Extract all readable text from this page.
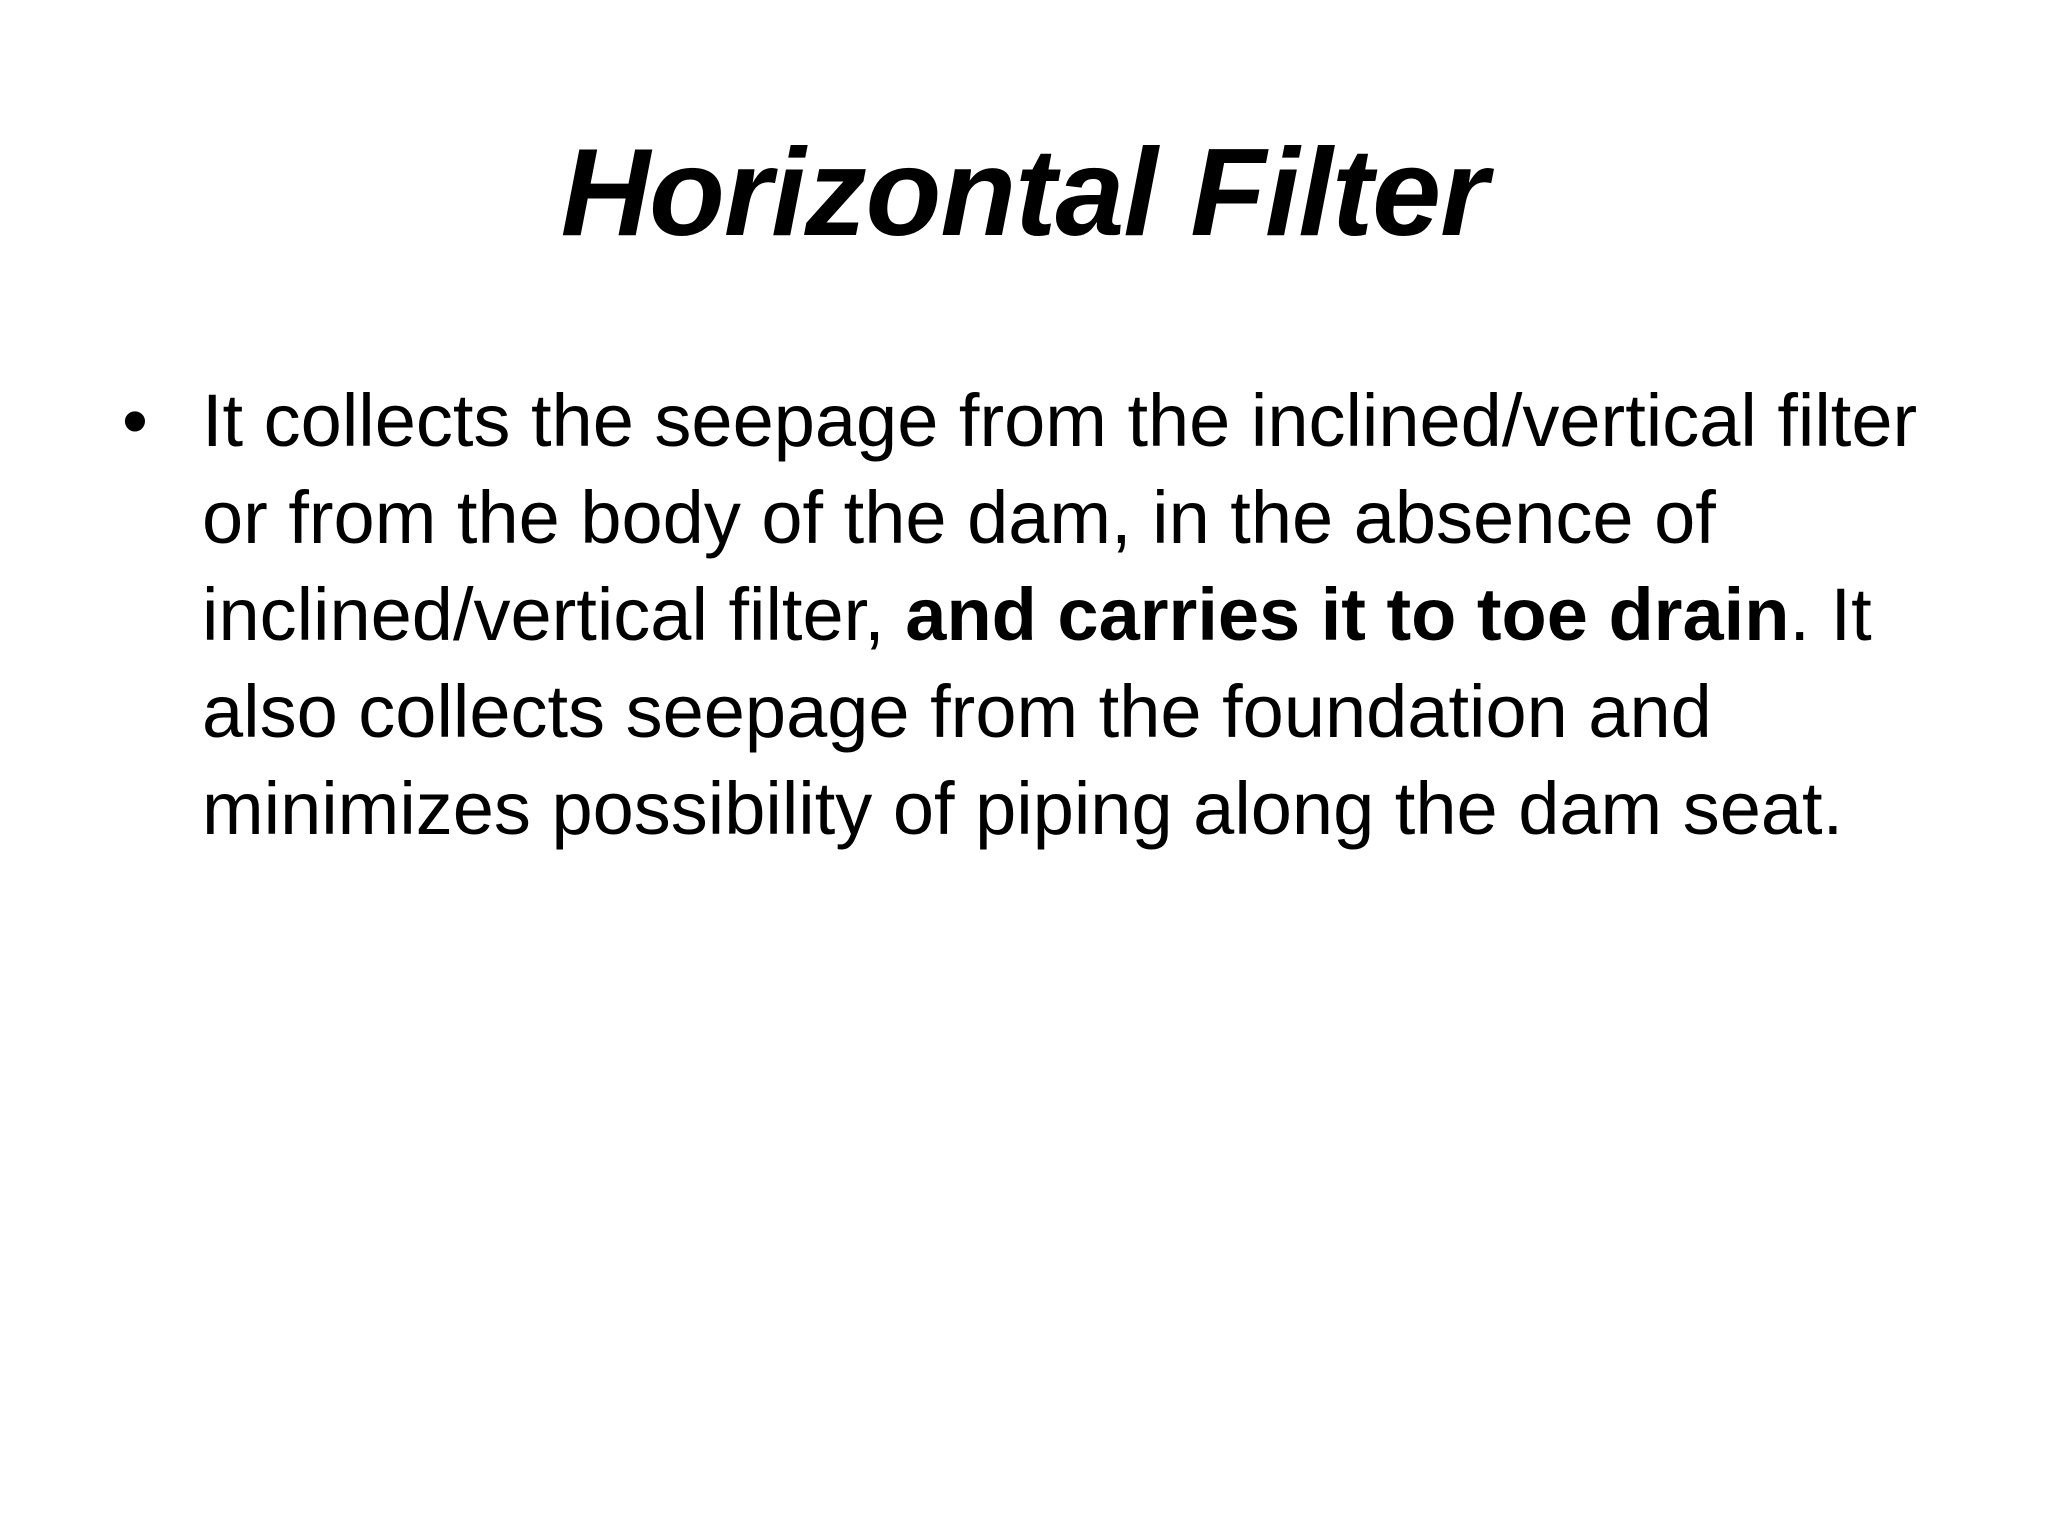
Horizontal Filter
• It collects the seepage from the inclined/vertical filter or from the body of the dam, in the absence of inclined/vertical filter, and carries it to toe drain. It also collects seepage from the foundation and minimizes possibility of piping along the dam seat.
